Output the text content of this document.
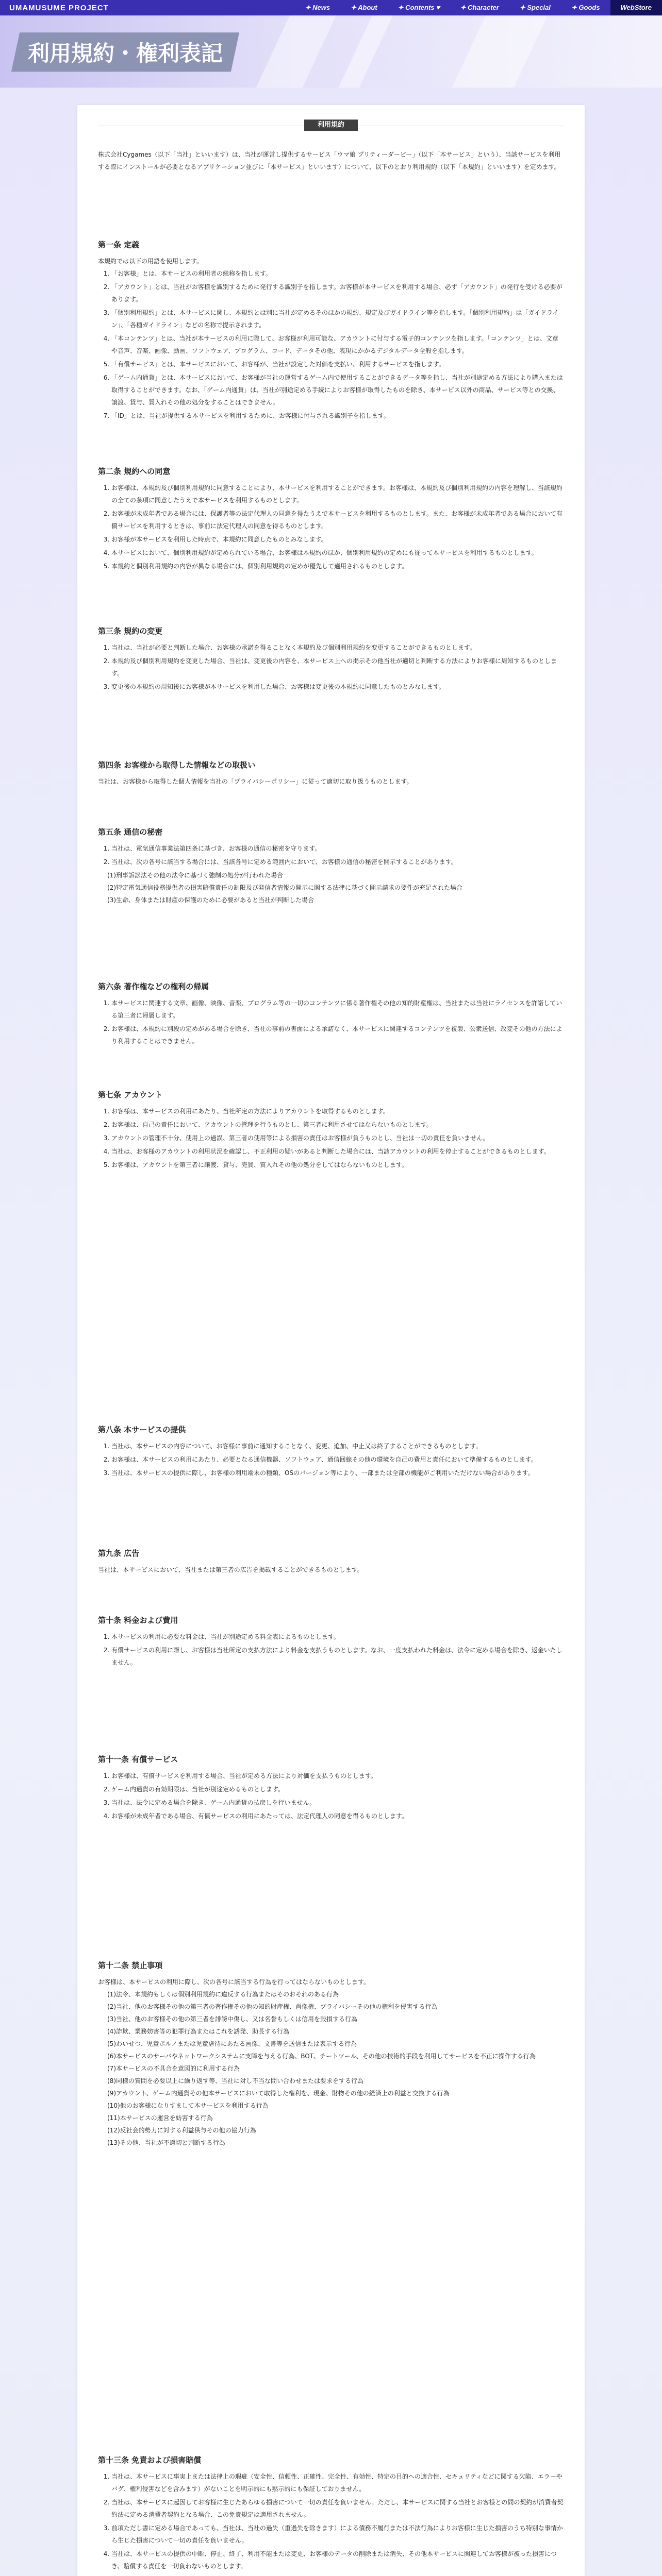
UMAMUSUME PROJECT	✦ News	✦ About	✦ Contents ▾	✦ Character	✦ Special	✦ Goods	WebStore
利用規約・権利表記
利用規約
株式会社Cygames（以下「当社」といいます）は、当社が運営し提供するサービス「ウマ娘 プリティーダービー」（以下「本サービス」という）、当該サービスを利用する際にインストールが必要となるアプリケーション並びに「本サービス」といいます）について、以下のとおり利用規約（以下「本規約」といいます）を定めます。
第一条 定義

本規約では以下の用語を使用します。

1. 「お客様」とは、本サービスの利用者の総称を指します。
2. 「アカウント」とは、当社がお客様を識別するために発行する識別子を指します。お客様が本サービスを利用する場合、必ず「アカウント」の発行を受ける必要があります。
3. 「個別利用規約」とは、本サービスに関し、本規約とは別に当社が定めるそのほかの規約、規定及びガイドライン等を指します。「個別利用規約」は「ガイドライン」、「各種ガイドライン」などの名称で提示されます。
4. 「本コンテンツ」とは、当社が本サービスの利用に際して、お客様が利用可能な、アカウントに付与する電子的コンテンツを指します。「コンテンツ」とは、文章や音声、音楽、画像、動画、ソフトウェア、プログラム、コード、データその他、表現にかかるデジタルデータ全般を指します。
5. 「有償サービス」とは、本サービスにおいて、お客様が、当社が設定した対価を支払い、利用するサービスを指します。
6. 「ゲーム内通貨」とは、本サービスにおいて、お客様が当社の運営するゲーム内で使用することができるデータ等を指し、当社が別途定める方法により購入または取得することができます。なお、「ゲーム内通貨」は、当社が別途定める手続によりお客様が取得したものを除き、本サービス以外の商品、サービス等との交換、譲渡、貸与、質入れその他の処分をすることはできません。
7. 「ID」とは、当社が提供する本サービスを利用するために、お客様に付与される識別子を指します。
第二条 規約への同意
1. お客様は、本規約及び個別利用規約に同意することにより、本サービスを利用することができます。お客様は、本規約及び個別利用規約の内容を理解し、当該規約の全ての条項に同意したうえで本サービスを利用するものとします。
2. お客様が未成年者である場合には、保護者等の法定代理人の同意を得たうえで本サービスを利用するものとします。また、お客様が未成年者である場合において有償サービスを利用するときは、事前に法定代理人の同意を得るものとします。
3. お客様が本サービスを利用した時点で、本規約に同意したものとみなします。
4. 本サービスにおいて、個別利用規約が定められている場合、お客様は本規約のほか、個別利用規約の定めにも従って本サービスを利用するものとします。
5. 本規約と個別利用規約の内容が異なる場合には、個別利用規約の定めが優先して適用されるものとします。
第三条 規約の変更
1. 当社は、当社が必要と判断した場合、お客様の承諾を得ることなく本規約及び個別利用規約を変更することができるものとします。
2. 本規約及び個別利用規約を変更した場合、当社は、変更後の内容を、本サービス上への掲示その他当社が適切と判断する方法によりお客様に周知するものとします。
3. 変更後の本規約の周知後にお客様が本サービスを利用した場合、お客様は変更後の本規約に同意したものとみなします。
第四条 お客様から取得した情報などの取扱い

当社は、お客様から取得した個人情報を当社の「プライバシーポリシー」に従って適切に取り扱うものとします。

第五条 通信の秘密
1. 当社は、電気通信事業法第四条に基づき、お客様の通信の秘密を守ります。
2. 当社は、次の各号に該当する場合には、当該各号に定める範囲内において、お客様の通信の秘密を開示することがあります。
(1)刑事訴訟法その他の法令に基づく強制の処分が行われた場合
(2)特定電気通信役務提供者の損害賠償責任の制限及び発信者情報の開示に関する法律に基づく開示請求の要件が充足された場合
(3)生命、身体または財産の保護のために必要があると当社が判断した場合
第六条 著作権などの権利の帰属
1. 本サービスに関連する文章、画像、映像、音楽、プログラム等の一切のコンテンツに係る著作権その他の知的財産権は、当社または当社にライセンスを許諾している第三者に帰属します。
2. お客様は、本規約に別段の定めがある場合を除き、当社の事前の書面による承諾なく、本サービスに関連するコンテンツを複製、公衆送信、改変その他の方法により利用することはできません。
第七条 アカウント
1. お客様は、本サービスの利用にあたり、当社所定の方法によりアカウントを取得するものとします。
2. お客様は、自己の責任において、アカウントの管理を行うものとし、第三者に利用させてはならないものとします。
3. アカウントの管理不十分、使用上の過誤、第三者の使用等による損害の責任はお客様が負うものとし、当社は一切の責任を負いません。
4. 当社は、お客様のアカウントの利用状況を確認し、不正利用の疑いがあると判断した場合には、当該アカウントの利用を停止することができるものとします。
5. お客様は、アカウントを第三者に譲渡、貸与、売買、質入れその他の処分をしてはならないものとします。
第八条 本サービスの提供
1. 当社は、本サービスの内容について、お客様に事前に通知することなく、変更、追加、中止又は終了することができるものとします。
2. お客様は、本サービスの利用にあたり、必要となる通信機器、ソフトウェア、通信回線その他の環境を自己の費用と責任において準備するものとします。
3. 当社は、本サービスの提供に際し、お客様の利用端末の種類、OSのバージョン等により、一部または全部の機能がご利用いただけない場合があります。
第九条 広告

当社は、本サービスにおいて、当社または第三者の広告を掲載することができるものとします。

第十条 料金および費用
1. 本サービスの利用に必要な料金は、当社が別途定める料金表によるものとします。
2. 有償サービスの利用に際し、お客様は当社所定の支払方法により料金を支払うものとします。なお、一度支払われた料金は、法令に定める場合を除き、返金いたしません。
第十一条 有償サービス
1. お客様は、有償サービスを利用する場合、当社が定める方法により対価を支払うものとします。
2. ゲーム内通貨の有効期限は、当社が別途定めるものとします。
3. 当社は、法令に定める場合を除き、ゲーム内通貨の払戻しを行いません。
4. お客様が未成年者である場合、有償サービスの利用にあたっては、法定代理人の同意を得るものとします。
第十二条 禁止事項

お客様は、本サービスの利用に際し、次の各号に該当する行為を行ってはならないものとします。

(1)法令、本規約もしくは個別利用規約に違反する行為またはそのおそれのある行為
(2)当社、他のお客様その他の第三者の著作権その他の知的財産権、肖像権、プライバシーその他の権利を侵害する行為
(3)当社、他のお客様その他の第三者を誹謗中傷し、又は名誉もしくは信用を毀損する行為
(4)詐欺、業務妨害等の犯罪行為またはこれを誘発、助長する行為
(5)わいせつ、児童ポルノまたは児童虐待にあたる画像、文書等を送信または表示する行為
(6)本サービスのサーバやネットワークシステムに支障を与える行為、BOT、チートツール、その他の技術的手段を利用してサービスを不正に操作する行為
(7)本サービスの不具合を意図的に利用する行為
(8)同様の質問を必要以上に繰り返す等、当社に対し不当な問い合わせまたは要求をする行為
(9)アカウント、ゲーム内通貨その他本サービスにおいて取得した権利を、現金、財物その他の経済上の利益と交換する行為
(10)他のお客様になりすまして本サービスを利用する行為
(11)本サービスの運営を妨害する行為
(12)反社会的勢力に対する利益供与その他の協力行為
(13)その他、当社が不適切と判断する行為
第十三条 免責および損害賠償
1. 当社は、本サービスに事実上または法律上の瑕疵（安全性、信頼性、正確性、完全性、有効性、特定の目的への適合性、セキュリティなどに関する欠陥、エラーやバグ、権利侵害などを含みます）がないことを明示的にも黙示的にも保証しておりません。
2. 当社は、本サービスに起因してお客様に生じたあらゆる損害について一切の責任を負いません。ただし、本サービスに関する当社とお客様との間の契約が消費者契約法に定める消費者契約となる場合、この免責規定は適用されません。
3. 前項ただし書に定める場合であっても、当社は、当社の過失（重過失を除きます）による債務不履行または不法行為によりお客様に生じた損害のうち特別な事情から生じた損害について一切の責任を負いません。
4. 当社は、本サービスの提供の中断、停止、終了、利用不能または変更、お客様のデータの削除または消失、その他本サービスに関連してお客様が被った損害につき、賠償する責任を一切負わないものとします。
5.
